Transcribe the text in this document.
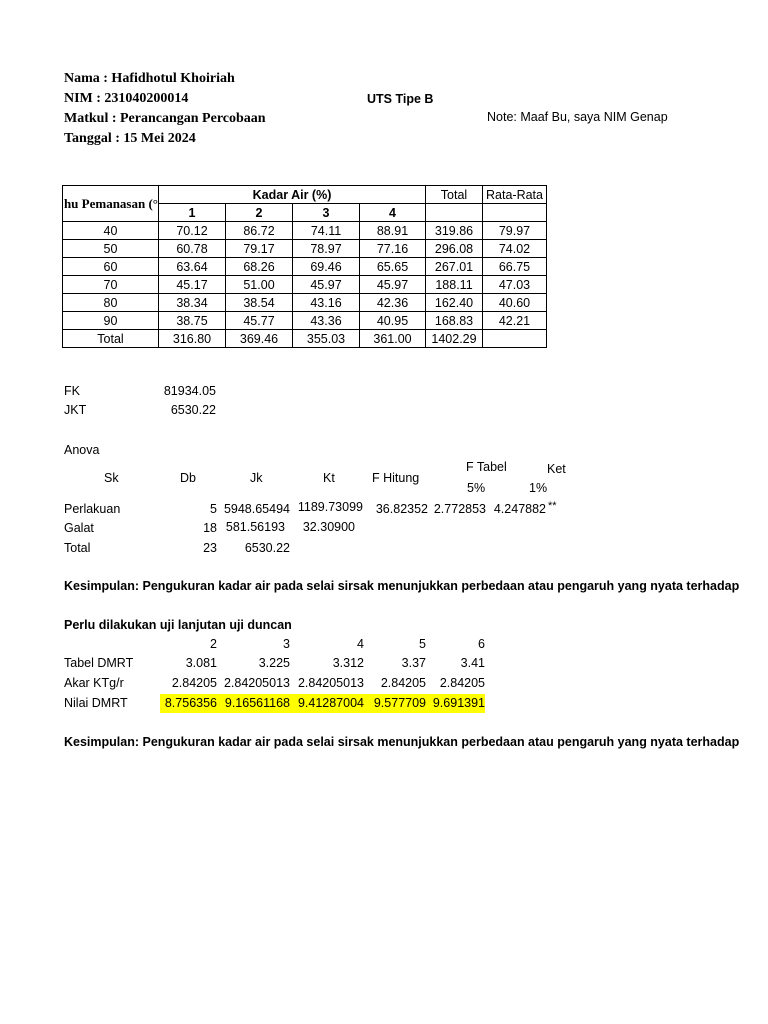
Nama : Hafidhotul Khoiriah
NIM : 231040200014
Matkul : Perancangan Percobaan
Tanggal : 15 Mei 2024
UTS Tipe B
Note: Maaf Bu, saya NIM Genap
hu Pemanasan (°	Kadar Air (%)				Total	Rata-Rata
	1	2	3	4		
40	70.12	86.72	74.11	88.91	319.86	79.97
50	60.78	79.17	78.97	77.16	296.08	74.02
60	63.64	68.26	69.46	65.65	267.01	66.75
70	45.17	51.00	45.97	45.97	188.11	47.03
80	38.34	38.54	43.16	42.36	162.40	40.60
90	38.75	45.77	43.36	40.95	168.83	42.21
Total	316.80	369.46	355.03	361.00	1402.29	
FK	81934.05
JKT	6530.22
Anova
Sk	Db	Jk	Kt	F Hitung
F Tabel	Ket
5%	1%
Perlakuan	5 5948.65494 1189.73099	36.82352 2.772853 4.247882 **
Galat	18 581.56193	32.30900
Total	23	6530.22
Kesimpulan: Pengukuran kadar air pada selai sirsak menunjukkan perbedaan atau pengaruh yang nyata terhadap
Perlu dilakukan uji lanjutan uji duncan
2	3	4	5	6
Tabel DMRT	3.081	3.225	3.312	3.37	3.41
Akar KTg/r	2.84205 2.84205013 2.84205013	2.84205	2.84205
Nilai DMRT	8.756356 9.16561168 9.41287004 9.577709 9.691391
Kesimpulan: Pengukuran kadar air pada selai sirsak menunjukkan perbedaan atau pengaruh yang nyata terhadap
